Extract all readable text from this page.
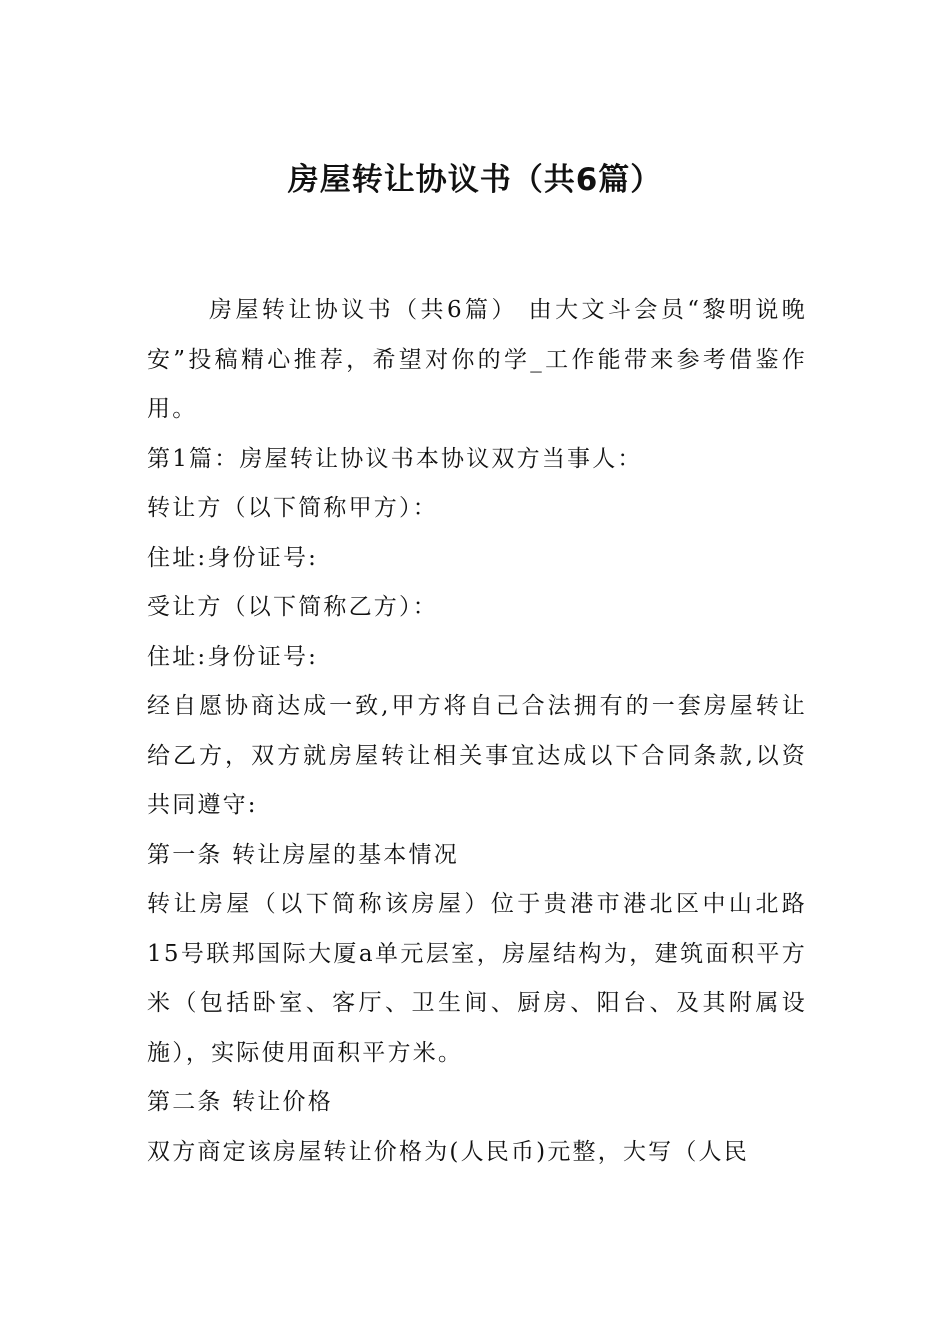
房屋转让协议书（共6篇）

房屋转让协议书（共6篇） 由大文斗会员“黎明说晚安”投稿精心推荐，希望对你的学_工作能带来参考借鉴作用。

第1篇：房屋转让协议书本协议双方当事人：

转让方（以下简称甲方）：

住址:身份证号:

受让方（以下简称乙方）：

住址:身份证号:

经自愿协商达成一致,甲方将自己合法拥有的一套房屋转让给乙方，双方就房屋转让相关事宜达成以下合同条款,以资共同遵守:

第一条 转让房屋的基本情况

转让房屋（以下简称该房屋）位于贵港市港北区中山北路15号联邦国际大厦a单元层室，房屋结构为，建筑面积平方米（包括卧室、客厅、卫生间、厨房、阳台、及其附属设施），实际使用面积平方米。

第二条 转让价格

双方商定该房屋转让价格为(人民币)元整，大写（人民
